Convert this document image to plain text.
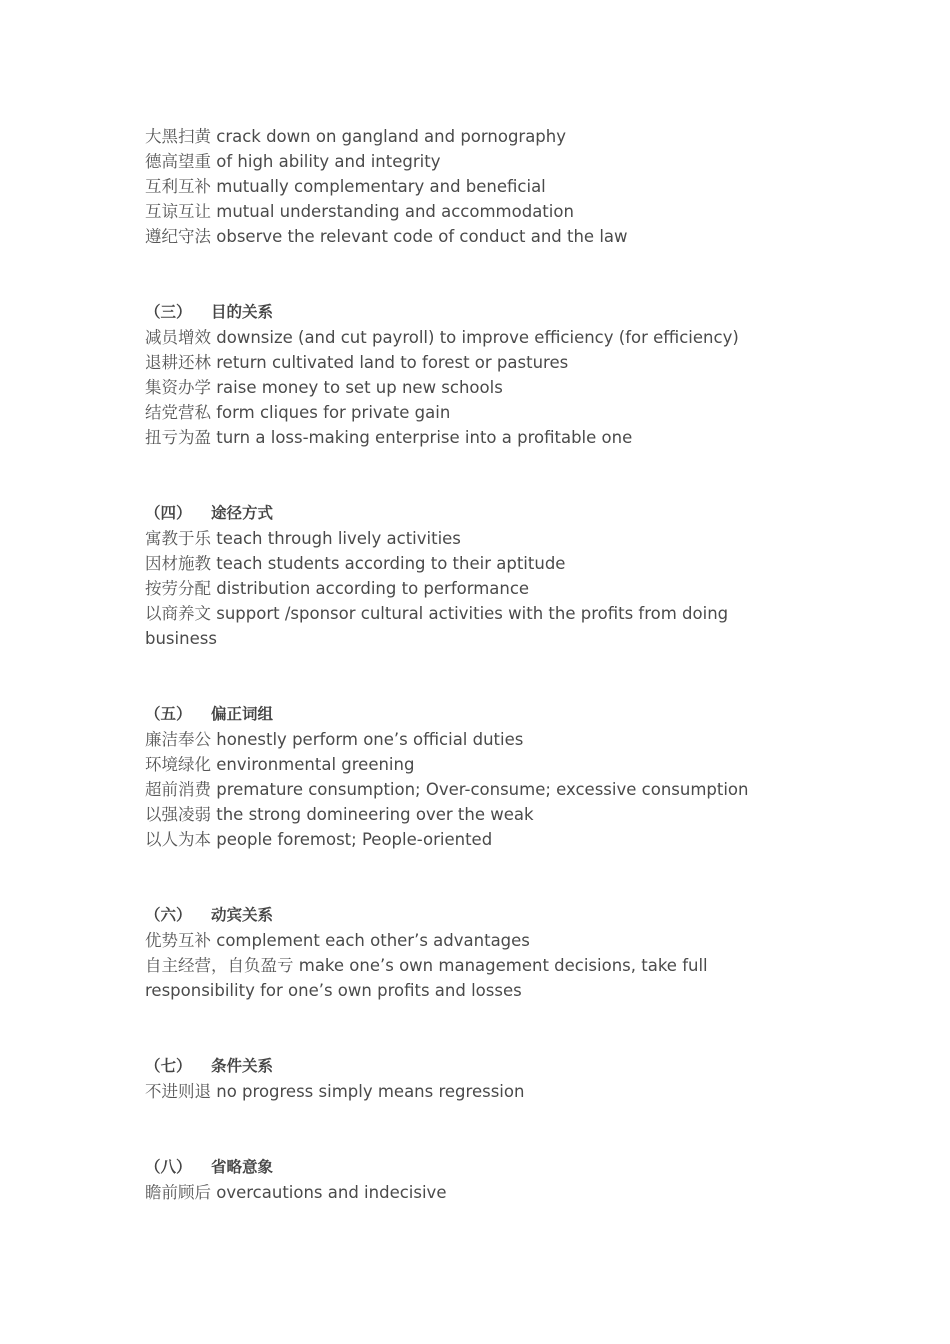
大黑扫黄 crack down on gangland and pornography

德高望重 of high ability and integrity

互利互补 mutually complementary and beneficial

互谅互让 mutual understanding and accommodation

遵纪守法 observe the relevant code of conduct and the law

（三） 目的关系

减员增效 downsize (and cut payroll) to improve efficiency (for efficiency)

退耕还林 return cultivated land to forest or pastures

集资办学 raise money to set up new schools

结党营私 form cliques for private gain

扭亏为盈 turn a loss-making enterprise into a profitable one

（四） 途径方式

寓教于乐 teach through lively activities

因材施教 teach students according to their aptitude

按劳分配 distribution according to performance

以商养文 support /sponsor cultural activities with the profits from doing business

（五） 偏正词组

廉洁奉公 honestly perform one’s official duties

环境绿化 environmental greening

超前消费 premature consumption; Over-consume; excessive consumption

以强凌弱 the strong domineering over the weak

以人为本 people foremost; People-oriented

（六） 动宾关系

优势互补 complement each other’s advantages

自主经营，自负盈亏 make one’s own management decisions, take full responsibility for one’s own profits and losses

（七） 条件关系

不进则退 no progress simply means regression

（八） 省略意象

瞻前顾后 overcautions and indecisive
